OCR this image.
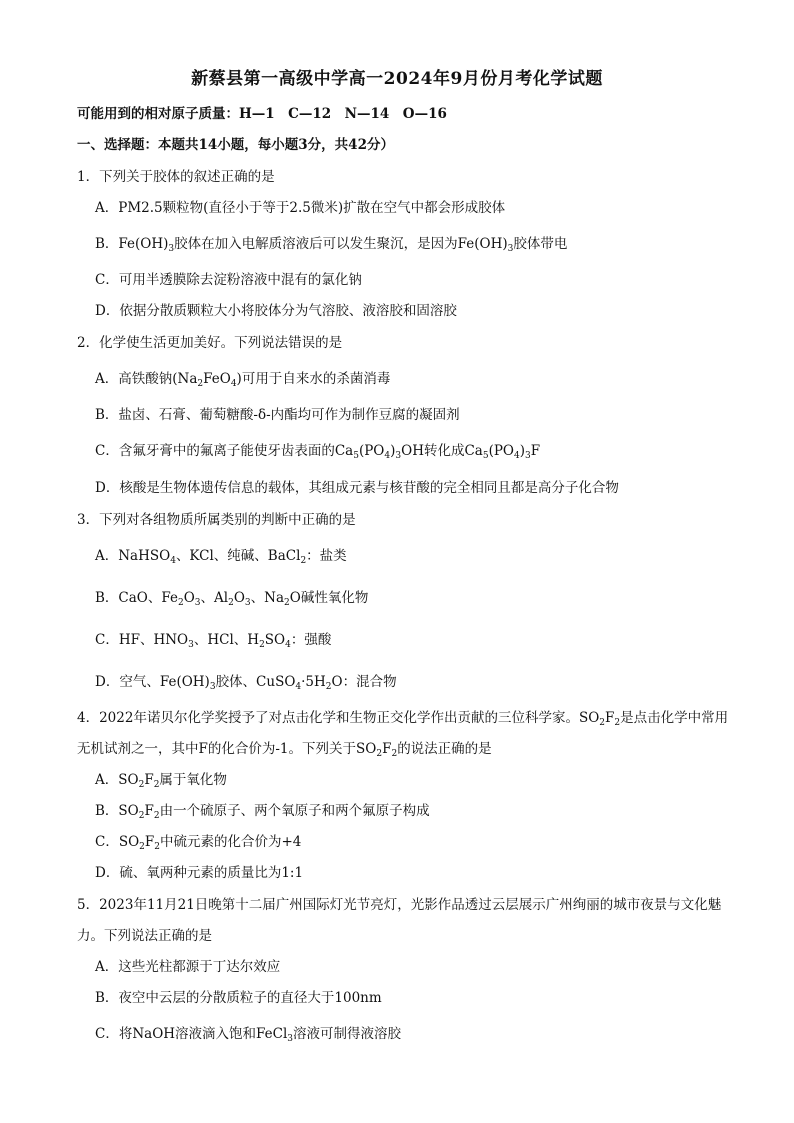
新蔡县第一高级中学高一2024年9月份月考化学试题
可能用到的相对原子质量：H—1　C—12　N—14　O—16
一、选择题：本题共14小题，每小题3分，共42分）
1．下列关于胶体的叙述正确的是
A．PM2.5颗粒物(直径小于等于2.5微米)扩散在空气中都会形成胶体
B．$Fe(OH)_3$胶体在加入电解质溶液后可以发生聚沉，是因为$Fe(OH)_3$胶体带电
C．可用半透膜除去淀粉溶液中混有的氯化钠
D．依据分散质颗粒大小将胶体分为气溶胶、液溶胶和固溶胶
2．化学使生活更加美好。下列说法错误的是
A．高铁酸钠$(Na_2FeO_4)$可用于自来水的杀菌消毒
B．盐卤、石膏、葡萄糖酸-δ-内酯均可作为制作豆腐的凝固剂
C．含氟牙膏中的氟离子能使牙齿表面的$Ca_5(PO_4)_3OH$转化成$Ca_5(PO_4)_3F$
D．核酸是生物体遗传信息的载体，其组成元素与核苷酸的完全相同且都是高分子化合物
3．下列对各组物质所属类别的判断中正确的是
A．NaHSO$_4$、KCl、纯碱、BaCl$_2$：盐类
B．CaO、$Fe_2O_3$、$Al_2O_3$、$Na_2O$碱性氧化物
C．HF、$HNO_3$、HCl、$H_2SO_4$：强酸
D．空气、$Fe(OH)_3$胶体、$CuSO_4\cdot 5H_2O$：混合物
4．2022年诺贝尔化学奖授予了对点击化学和生物正交化学作出贡献的三位科学家。$SO_2F_2$是点击化学中常用
无机试剂之一，其中F的化合价为-1。下列关于$SO_2F_2$的说法正确的是
A．$SO_2F_2$属于氧化物
B．$SO_2F_2$由一个硫原子、两个氧原子和两个氟原子构成
C．$SO_2F_2$中硫元素的化合价为+4
D．硫、氧两种元素的质量比为1:1
5．2023年11月21日晚第十二届广州国际灯光节亮灯，光影作品透过云层展示广州绚丽的城市夜景与文化魅
力。下列说法正确的是
A．这些光柱都源于丁达尔效应
B．夜空中云层的分散质粒子的直径大于100nm
C．将NaOH溶液滴入饱和FeCl$_3$溶液可制得液溶胶
